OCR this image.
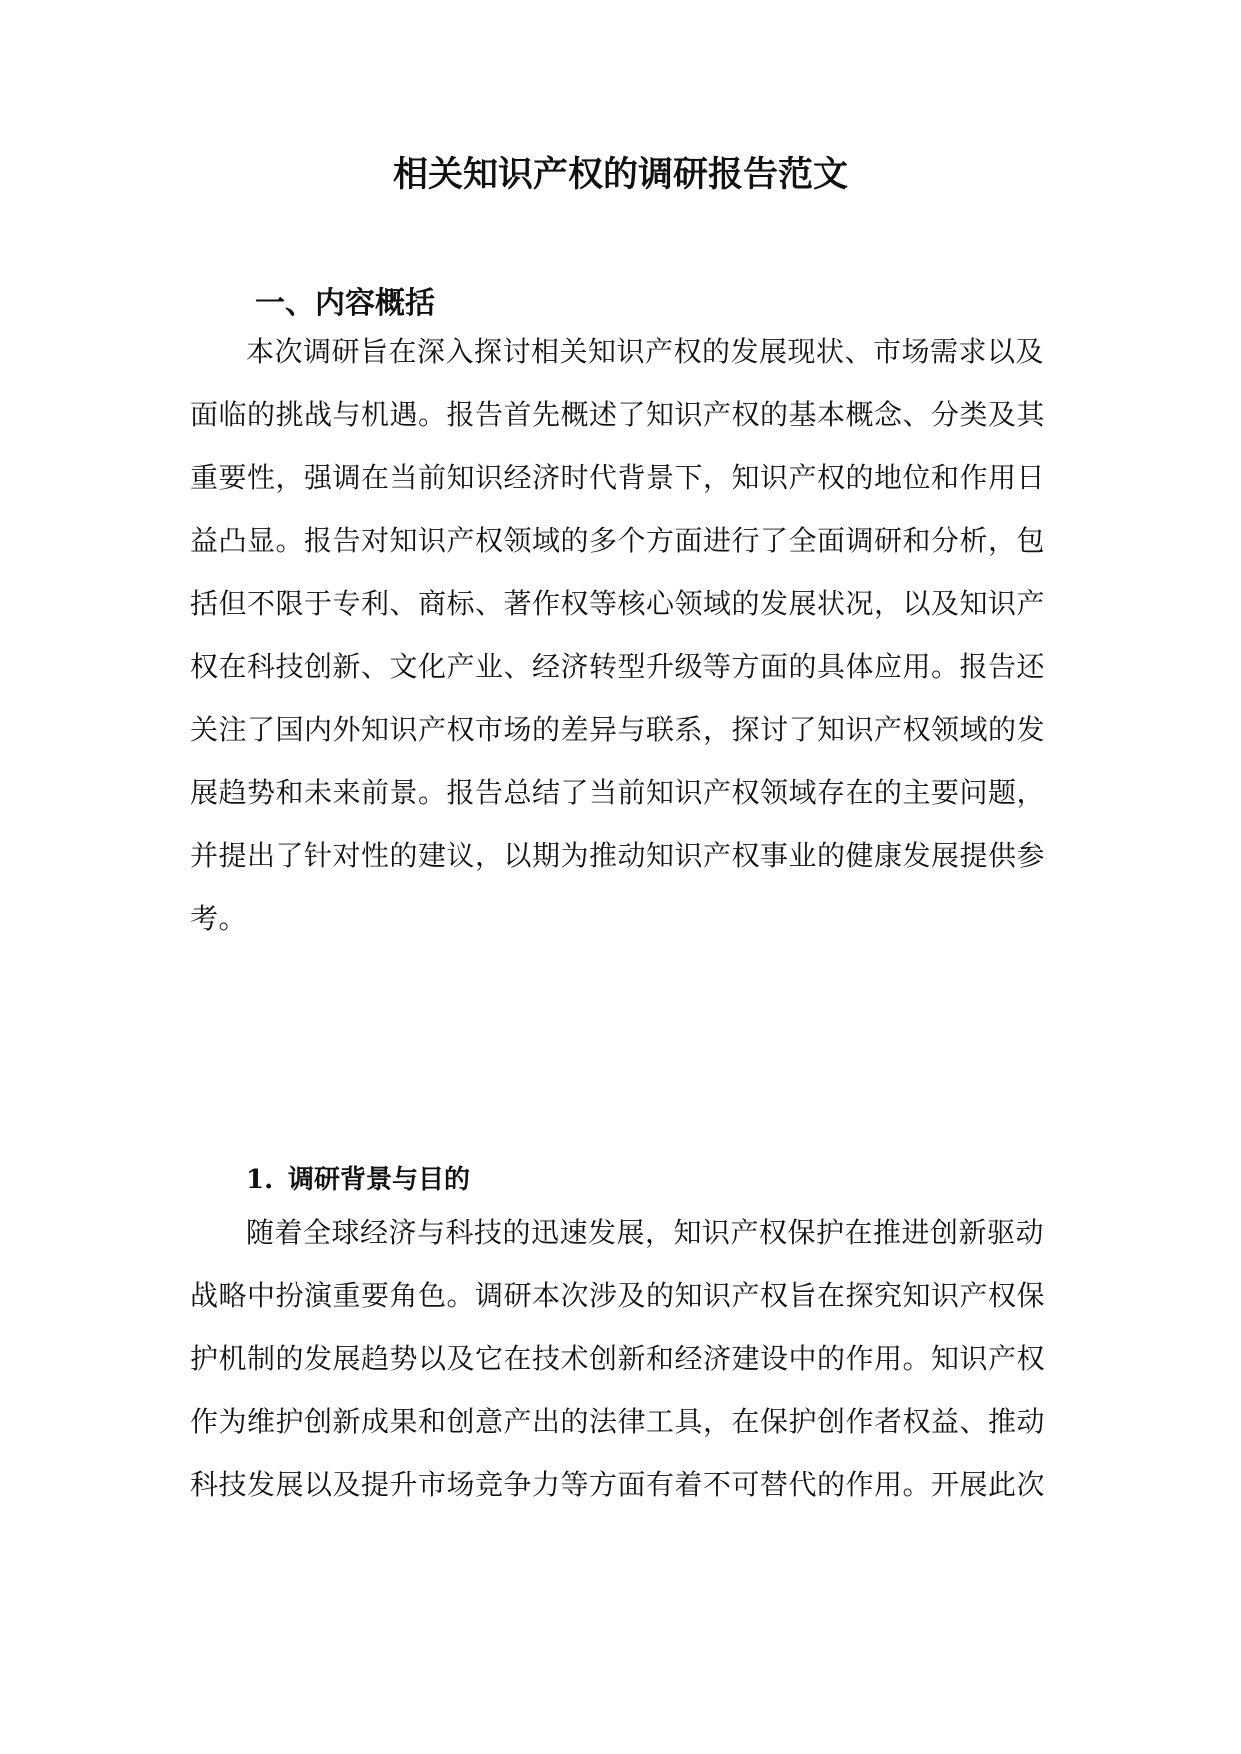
相关知识产权的调研报告范文
一、内容概括
本次调研旨在深入探讨相关知识产权的发展现状、市场需求以及
面临的挑战与机遇。报告首先概述了知识产权的基本概念、分类及其
重要性，强调在当前知识经济时代背景下，知识产权的地位和作用日
益凸显。报告对知识产权领域的多个方面进行了全面调研和分析，包
括但不限于专利、商标、著作权等核心领域的发展状况，以及知识产
权在科技创新、文化产业、经济转型升级等方面的具体应用。报告还
关注了国内外知识产权市场的差异与联系，探讨了知识产权领域的发
展趋势和未来前景。报告总结了当前知识产权领域存在的主要问题，
并提出了针对性的建议，以期为推动知识产权事业的健康发展提供参
考。
1. 调研背景与目的
随着全球经济与科技的迅速发展，知识产权保护在推进创新驱动
战略中扮演重要角色。调研本次涉及的知识产权旨在探究知识产权保
护机制的发展趋势以及它在技术创新和经济建设中的作用。知识产权
作为维护创新成果和创意产出的法律工具，在保护创作者权益、推动
科技发展以及提升市场竞争力等方面有着不可替代的作用。开展此次
